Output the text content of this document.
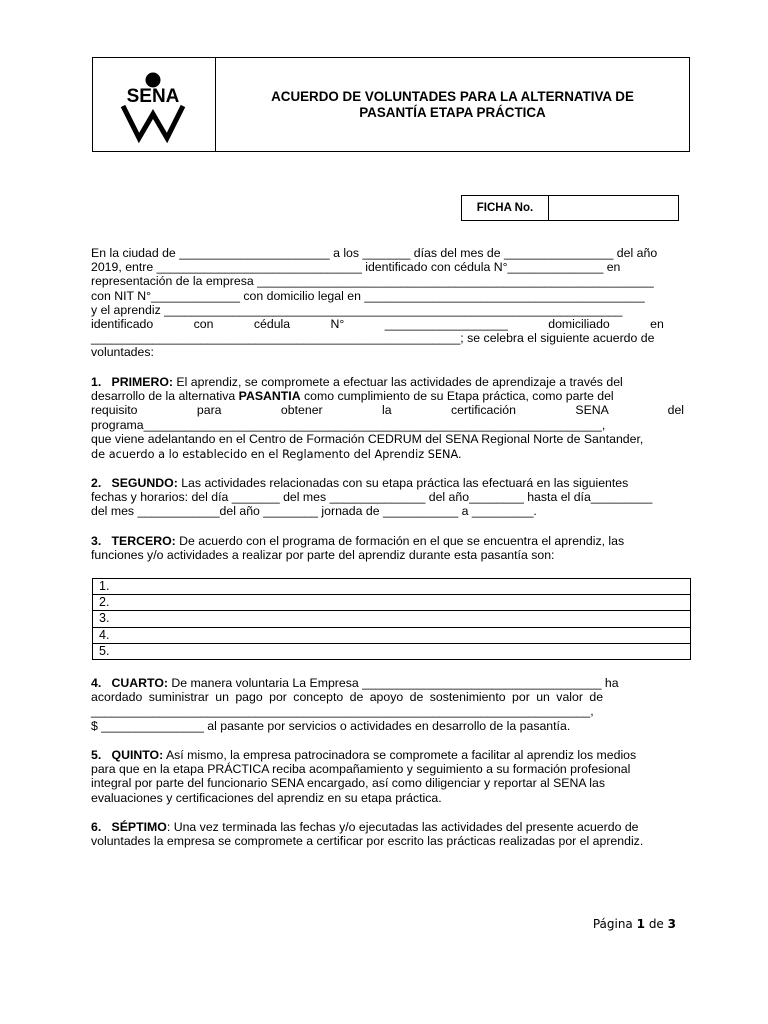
SENA	ACUERDO DE VOLUNTADES PARA LA ALTERNATIVA DE
PASANTÍA ETAPA PRÁCTICA
FICHA No.
En la ciudad de ______________________ a los _______ días del mes de ________________ del año
2019, entre ______________________________ identificado con cédula N°______________ en
representación de la empresa __________________________________________________________
con NIT N°_____________ con domicilio legal en _________________________________________
y el aprendiz ___________________________________________________________________
identificado con cédula N° __________________ domiciliado en
______________________________________________________; se celebra el siguiente acuerdo de
voluntades:
1. PRIMERO: El aprendiz, se compromete a efectuar las actividades de aprendizaje a través del
desarrollo de la alternativa PASANTIA como cumplimiento de su Etapa práctica, como parte del
requisito para obtener la certificación SENA del
programa___________________________________________________________________,
que viene adelantando en el Centro de Formación CEDRUM del SENA Regional Norte de Santander,
de acuerdo a lo establecido en el Reglamento del Aprendiz SENA.
2. SEGUNDO: Las actividades relacionadas con su etapa práctica las efectuará en las siguientes
fechas y horarios: del día _______ del mes ______________ del año________ hasta el día_________
del mes ____________del año ________ jornada de ___________ a _________.
3. TERCERO: De acuerdo con el programa de formación en el que se encuentra el aprendiz, las
funciones y/o actividades a realizar por parte del aprendiz durante esta pasantía son:
1.
2.
3.
4.
5.
4. CUARTO: De manera voluntaria La Empresa ___________________________________ ha
acordado suministrar un pago por concepto de apoyo de sostenimiento por un valor de
_________________________________________________________________________,
$ _______________ al pasante por servicios o actividades en desarrollo de la pasantía.
5. QUINTO: Así mismo, la empresa patrocinadora se compromete a facilitar al aprendiz los medios
para que en la etapa PRÁCTICA reciba acompañamiento y seguimiento a su formación profesional
integral por parte del funcionario SENA encargado, así como diligenciar y reportar al SENA las
evaluaciones y certificaciones del aprendiz en su etapa práctica.
6. SÉPTIMO: Una vez terminada las fechas y/o ejecutadas las actividades del presente acuerdo de
voluntades la empresa se compromete a certificar por escrito las prácticas realizadas por el aprendiz.
Página 1 de 3
